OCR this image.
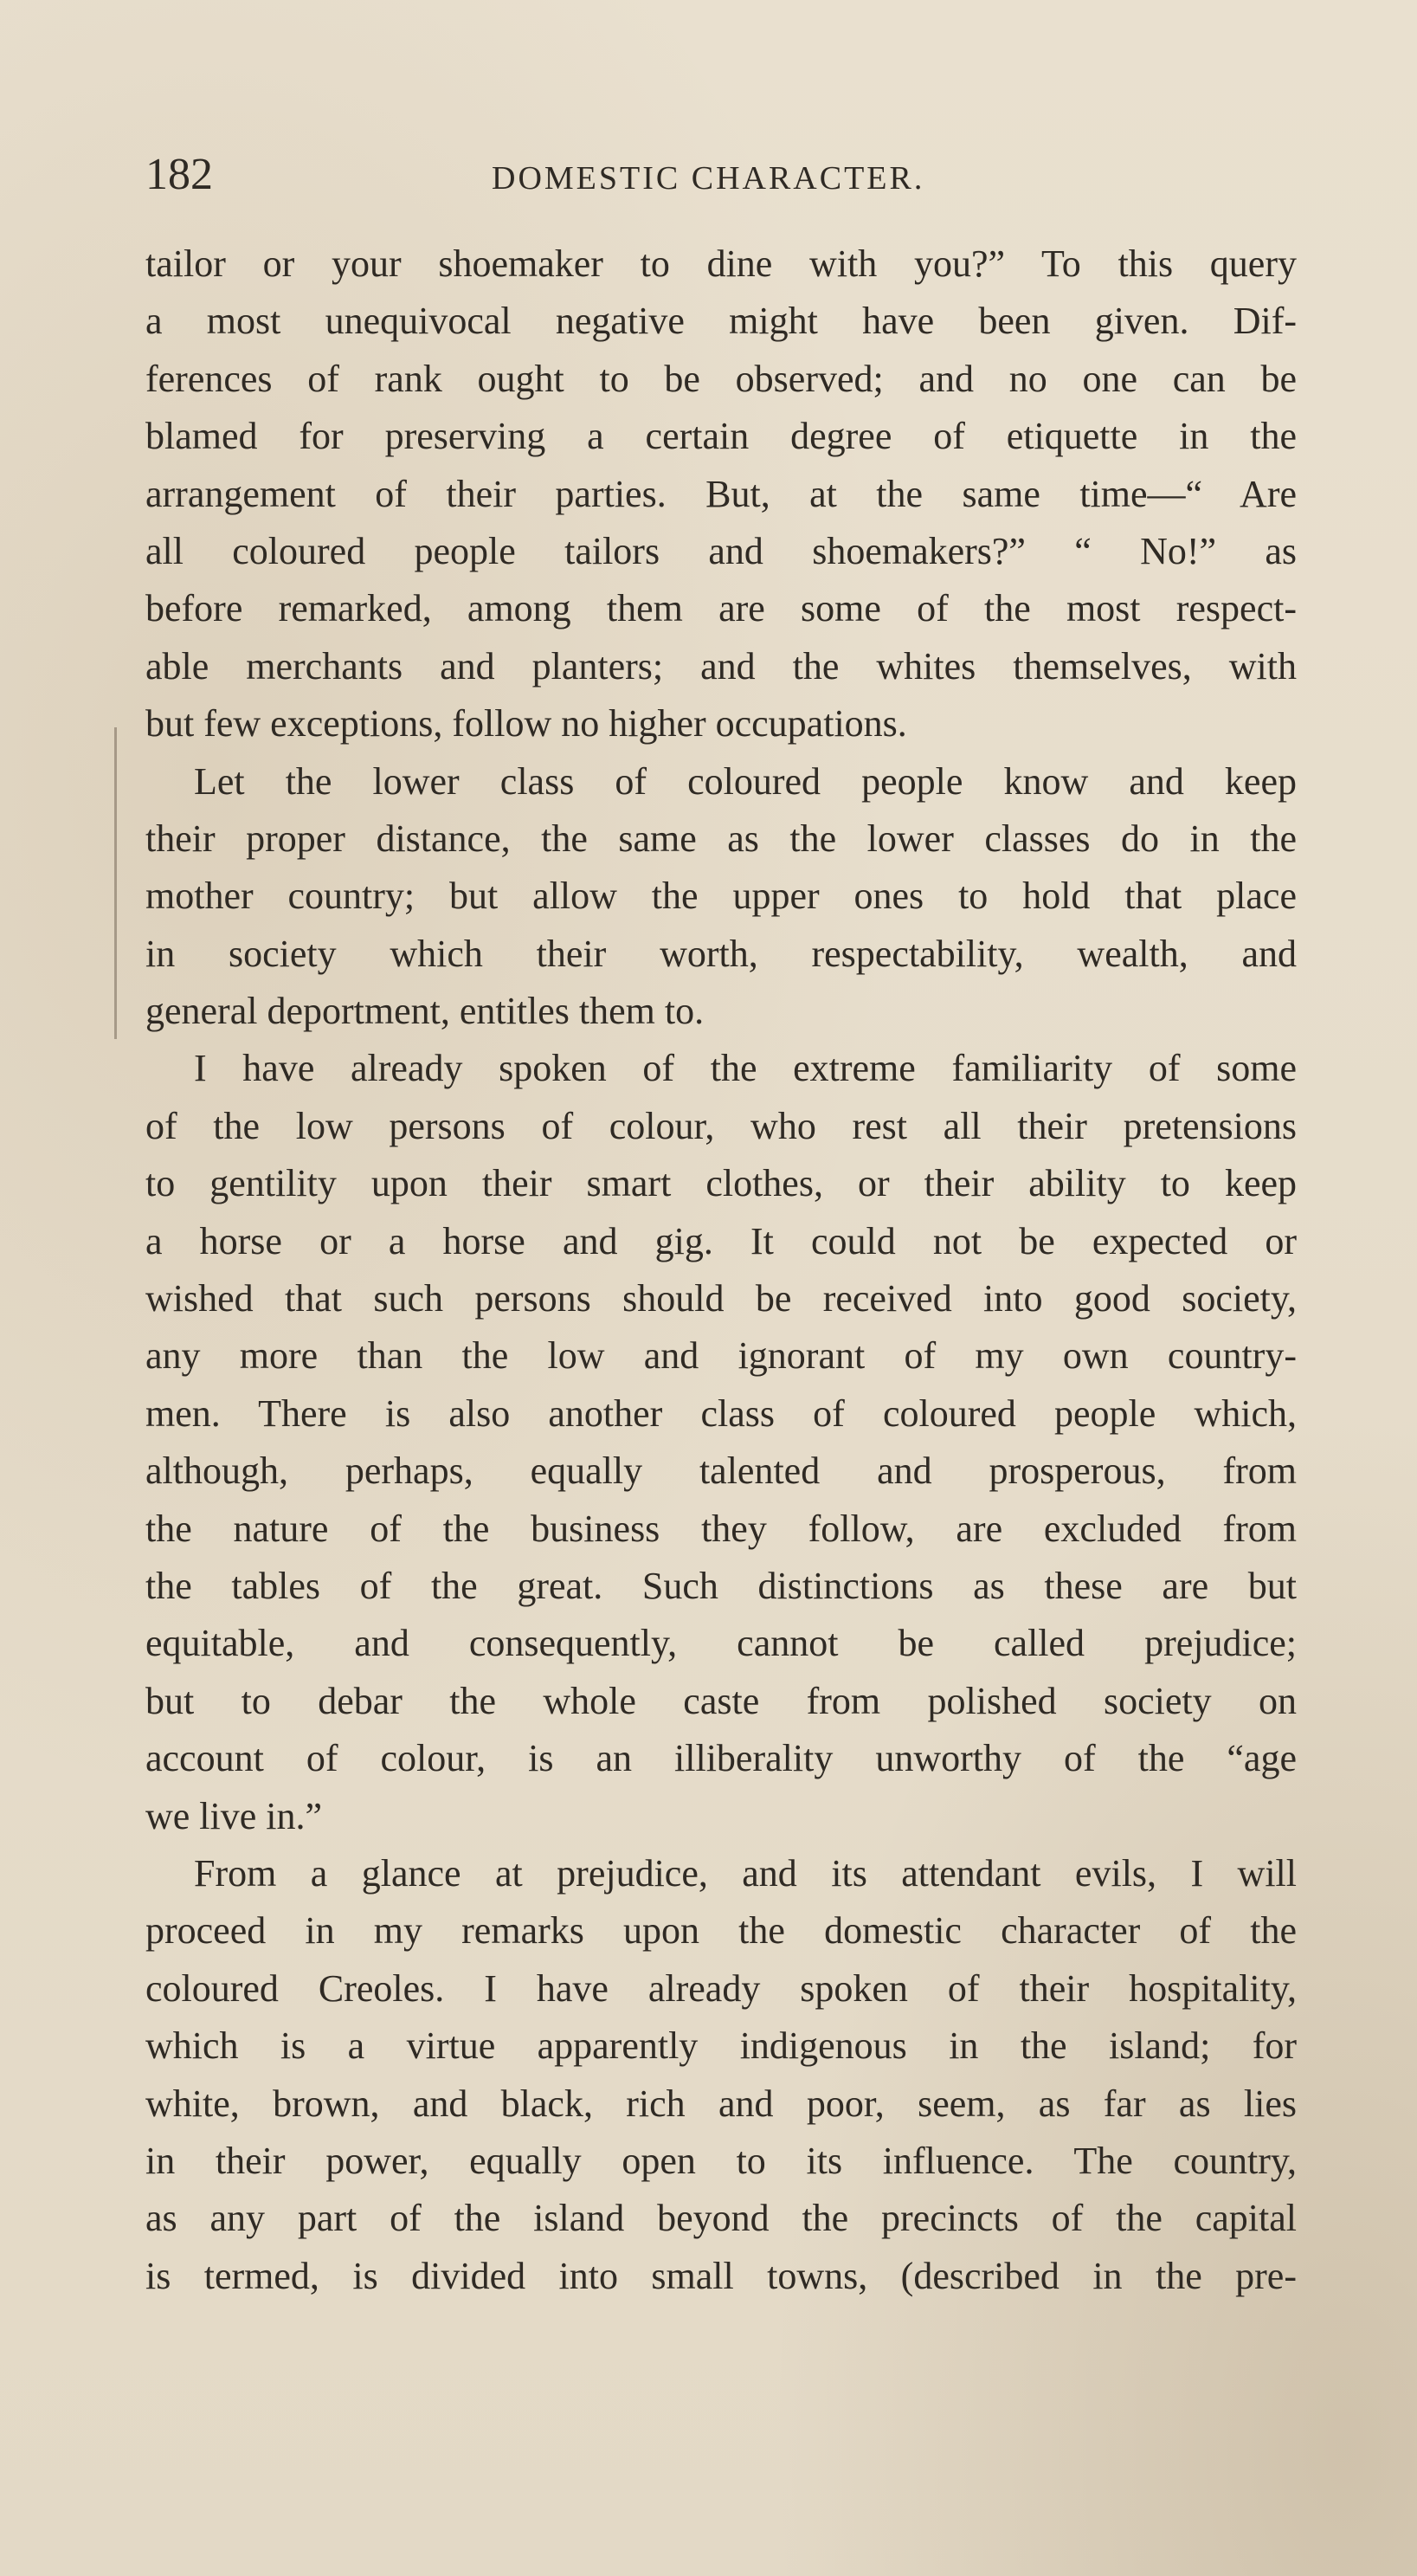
182	DOMESTIC CHARACTER.
tailor or your shoemaker to dine with you?” To this query
a most unequivocal negative might have been given. Dif-
ferences of rank ought to be observed; and no one can be
blamed for preserving a certain degree of etiquette in the
arrangement of their parties. But, at the same time—“ Are
all coloured people tailors and shoemakers?” “ No!” as
before remarked, among them are some of the most respect-
able merchants and planters; and the whites themselves, with
but few exceptions, follow no higher occupations.
Let the lower class of coloured people know and keep
their proper distance, the same as the lower classes do in the
mother country; but allow the upper ones to hold that place
in society which their worth, respectability, wealth, and
general deportment, entitles them to.
I have already spoken of the extreme familiarity of some
of the low persons of colour, who rest all their pretensions
to gentility upon their smart clothes, or their ability to keep
a horse or a horse and gig. It could not be expected or
wished that such persons should be received into good society,
any more than the low and ignorant of my own country-
men. There is also another class of coloured people which,
although, perhaps, equally talented and prosperous, from
the nature of the business they follow, are excluded from
the tables of the great. Such distinctions as these are but
equitable, and consequently, cannot be called prejudice;
but to debar the whole caste from polished society on
account of colour, is an illiberality unworthy of the “age
we live in.”
From a glance at prejudice, and its attendant evils, I will
proceed in my remarks upon the domestic character of the
coloured Creoles. I have already spoken of their hospitality,
which is a virtue apparently indigenous in the island; for
white, brown, and black, rich and poor, seem, as far as lies
in their power, equally open to its influence. The country,
as any part of the island beyond the precincts of the capital
is termed, is divided into small towns, (described in the pre-
